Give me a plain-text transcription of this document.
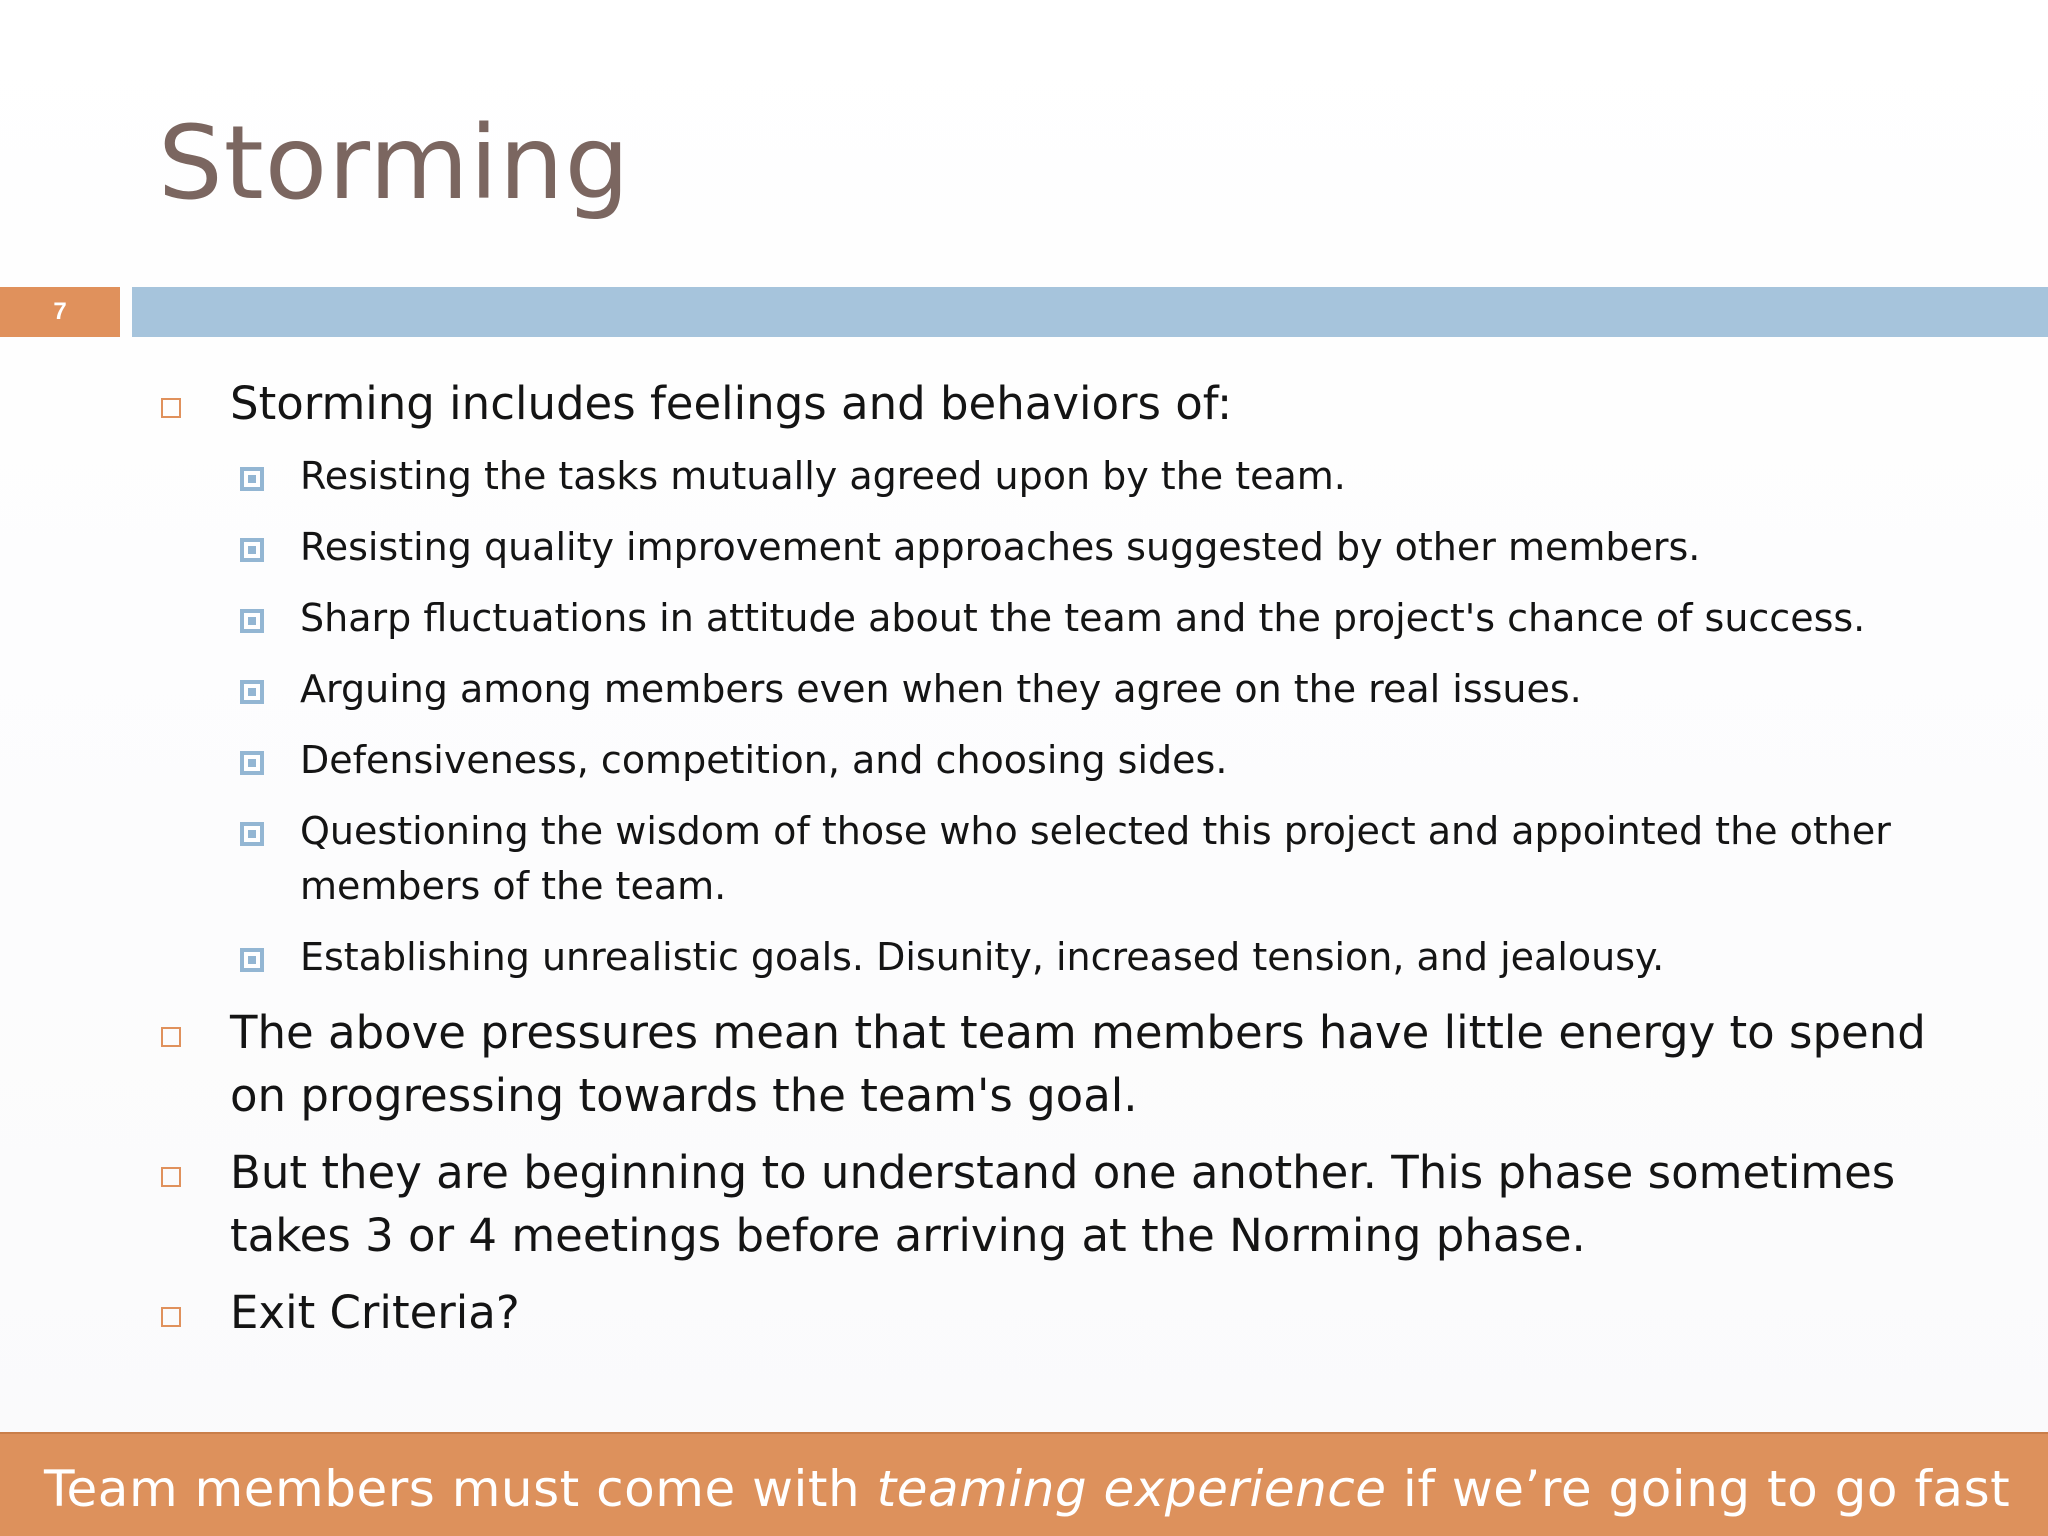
Storming
7
Storming includes feelings and behaviors of:
Resisting the tasks mutually agreed upon by the team.
Resisting quality improvement approaches suggested by other members.
Sharp fluctuations in attitude about the team and the project's chance of success.
Arguing among members even when they agree on the real issues.
Defensiveness, competition, and choosing sides.
Questioning the wisdom of those who selected this project and appointed the other members of the team.
Establishing unrealistic goals. Disunity, increased tension, and jealousy.
The above pressures mean that team members have little energy to spend on progressing towards the team's goal.
But they are beginning to understand one another. This phase sometimes takes 3 or 4 meetings before arriving at the Norming phase.
Exit Criteria?
Team members must come with teaming experience if we’re going to go fast
